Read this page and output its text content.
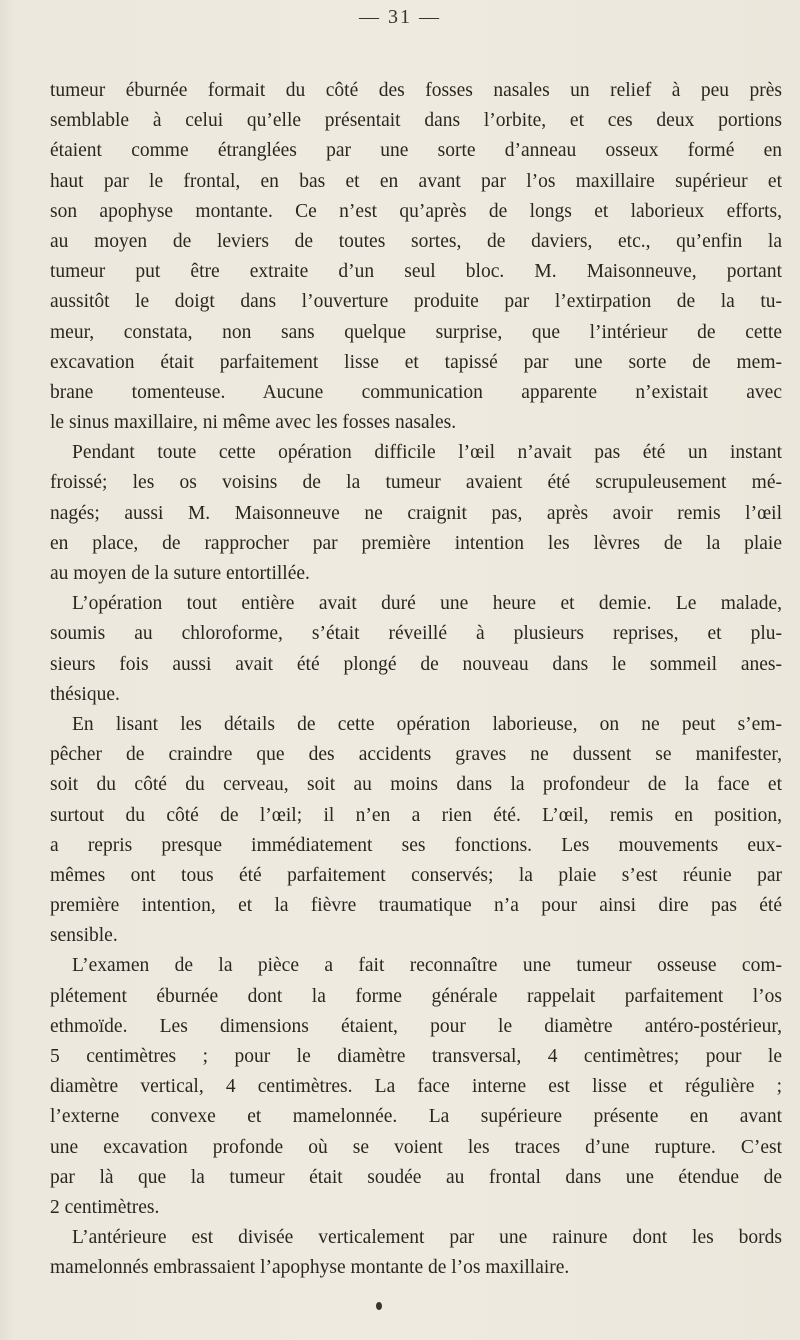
— 31 —
tumeur éburnée formait du côté des fosses nasales un relief à peu près
semblable à celui qu’elle présentait dans l’orbite, et ces deux portions
étaient comme étranglées par une sorte d’anneau osseux formé en
haut par le frontal, en bas et en avant par l’os maxillaire supérieur et
son apophyse montante. Ce n’est qu’après de longs et laborieux efforts,
au moyen de leviers de toutes sortes, de daviers, etc., qu’enfin la
tumeur put être extraite d’un seul bloc. M. Maisonneuve, portant
aussitôt le doigt dans l’ouverture produite par l’extirpation de la tu-
meur, constata, non sans quelque surprise, que l’intérieur de cette
excavation était parfaitement lisse et tapissé par une sorte de mem-
brane tomenteuse. Aucune communication apparente n’existait avec
le sinus maxillaire, ni même avec les fosses nasales.
Pendant toute cette opération difficile l’œil n’avait pas été un instant
froissé; les os voisins de la tumeur avaient été scrupuleusement mé-
nagés; aussi M. Maisonneuve ne craignit pas, après avoir remis l’œil
en place, de rapprocher par première intention les lèvres de la plaie
au moyen de la suture entortillée.
L’opération tout entière avait duré une heure et demie. Le malade,
soumis au chloroforme, s’était réveillé à plusieurs reprises, et plu-
sieurs fois aussi avait été plongé de nouveau dans le sommeil anes-
thésique.
En lisant les détails de cette opération laborieuse, on ne peut s’em-
pêcher de craindre que des accidents graves ne dussent se manifester,
soit du côté du cerveau, soit au moins dans la profondeur de la face et
surtout du côté de l’œil; il n’en a rien été. L’œil, remis en position,
a repris presque immédiatement ses fonctions. Les mouvements eux-
mêmes ont tous été parfaitement conservés; la plaie s’est réunie par
première intention, et la fièvre traumatique n’a pour ainsi dire pas été
sensible.
L’examen de la pièce a fait reconnaître une tumeur osseuse com-
plétement éburnée dont la forme générale rappelait parfaitement l’os
ethmoïde. Les dimensions étaient, pour le diamètre antéro-postérieur,
5 centimètres ; pour le diamètre transversal, 4 centimètres; pour le
diamètre vertical, 4 centimètres. La face interne est lisse et régulière ;
l’externe convexe et mamelonnée. La supérieure présente en avant
une excavation profonde où se voient les traces d’une rupture. C’est
par là que la tumeur était soudée au frontal dans une étendue de
2 centimètres.
L’antérieure est divisée verticalement par une rainure dont les bords
mamelonnés embrassaient l’apophyse montante de l’os maxillaire.
